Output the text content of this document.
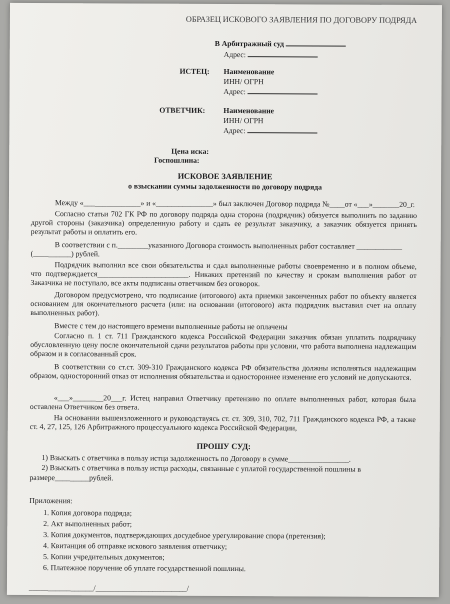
ОБРАЗЕЦ ИСКОВОГО ЗАЯВЛЕНИЯ ПО ДОГОВОРУ ПОДРЯДА
В Арбитражный суд
Адрес:
ИСТЕЦ: Наименование
ИНН/ ОГРН
Адрес:
ОТВЕТЧИК: Наименование
ИНН/ ОГРН
Адрес:
Цена иска:
Госпошлина:
ИСКОВОЕ ЗАЯВЛЕНИЕ
о взыскании суммы задолженности по договору подряда
Между «_______________» и «_______________» был заключен Договор подряда №____от «___»_______20_г.
Согласно статьи 702 ГК РФ по договору подряда одна сторона (подрядчик) обязуется выполнить по заданию другой стороны (заказчика) определенную работу и сдать ее результат заказчику, а заказчик обязуется принять результат работы и оплатить его.
В соответствии с п.________указанного Договора стоимость выполненных работ составляет ____________
(__________) рублей.
Подрядчик выполнил все свои обязательства и сдал выполненные работы своевременно и в полном объеме, что подтверждается________________________. Никаких претензий по качеству и срокам выполнения работ от Заказчика не поступало, все акты подписаны ответчиком без оговорок.
Договором предусмотрено, что подписание (итогового) акта приемки законченных работ по объекту является основанием для окончательного расчета (или: на основании (итогового) акта подрядчик выставил счет на оплату выполненных работ).
Вместе с тем до настоящего времени выполненные работы не оплачены
Согласно п. 1 ст. 711 Гражданского кодекса Российской Федерации заказчик обязан уплатить подрядчику обусловленную цену после окончательной сдачи результатов работы при условии, что работа выполнена надлежащим образом и в согласованный срок.
В соответствии со ст.ст. 309-310 Гражданского кодекса РФ обязательства должны исполняться надлежащим образом, односторонний отказ от исполнения обязательства и одностороннее изменение его условий не допускаются.
«___»________20___г. Истец направил Ответчику претензию по оплате выполненных работ, которая была оставлена Ответчиком без ответа.
На основании вышеизложенного и руководствуясь ст. ст. 309, 310, 702, 711 Гражданского кодекса РФ, а также ст. 4, 27, 125, 126 Арбитражного процессуального кодекса Российской Федерации,
ПРОШУ СУД:
1) Взыскать с ответчика в пользу истца задолженность по Договору в сумме________________.
2) Взыскать с ответчика в пользу истца расходы, связанные с уплатой государственной пошлины в
размере_________рублей.
Приложения:
1. Копия договора подряда;
2. Акт выполненных работ;
3. Копия документов, подтверждающих досудебное урегулирование спора (претензия);
4. Квитанция об отправке искового заявления ответчику;
5. Копии учредительных документов;
6. Платежное поручение об уплате государственной пошлины.
_________________/________________________/
